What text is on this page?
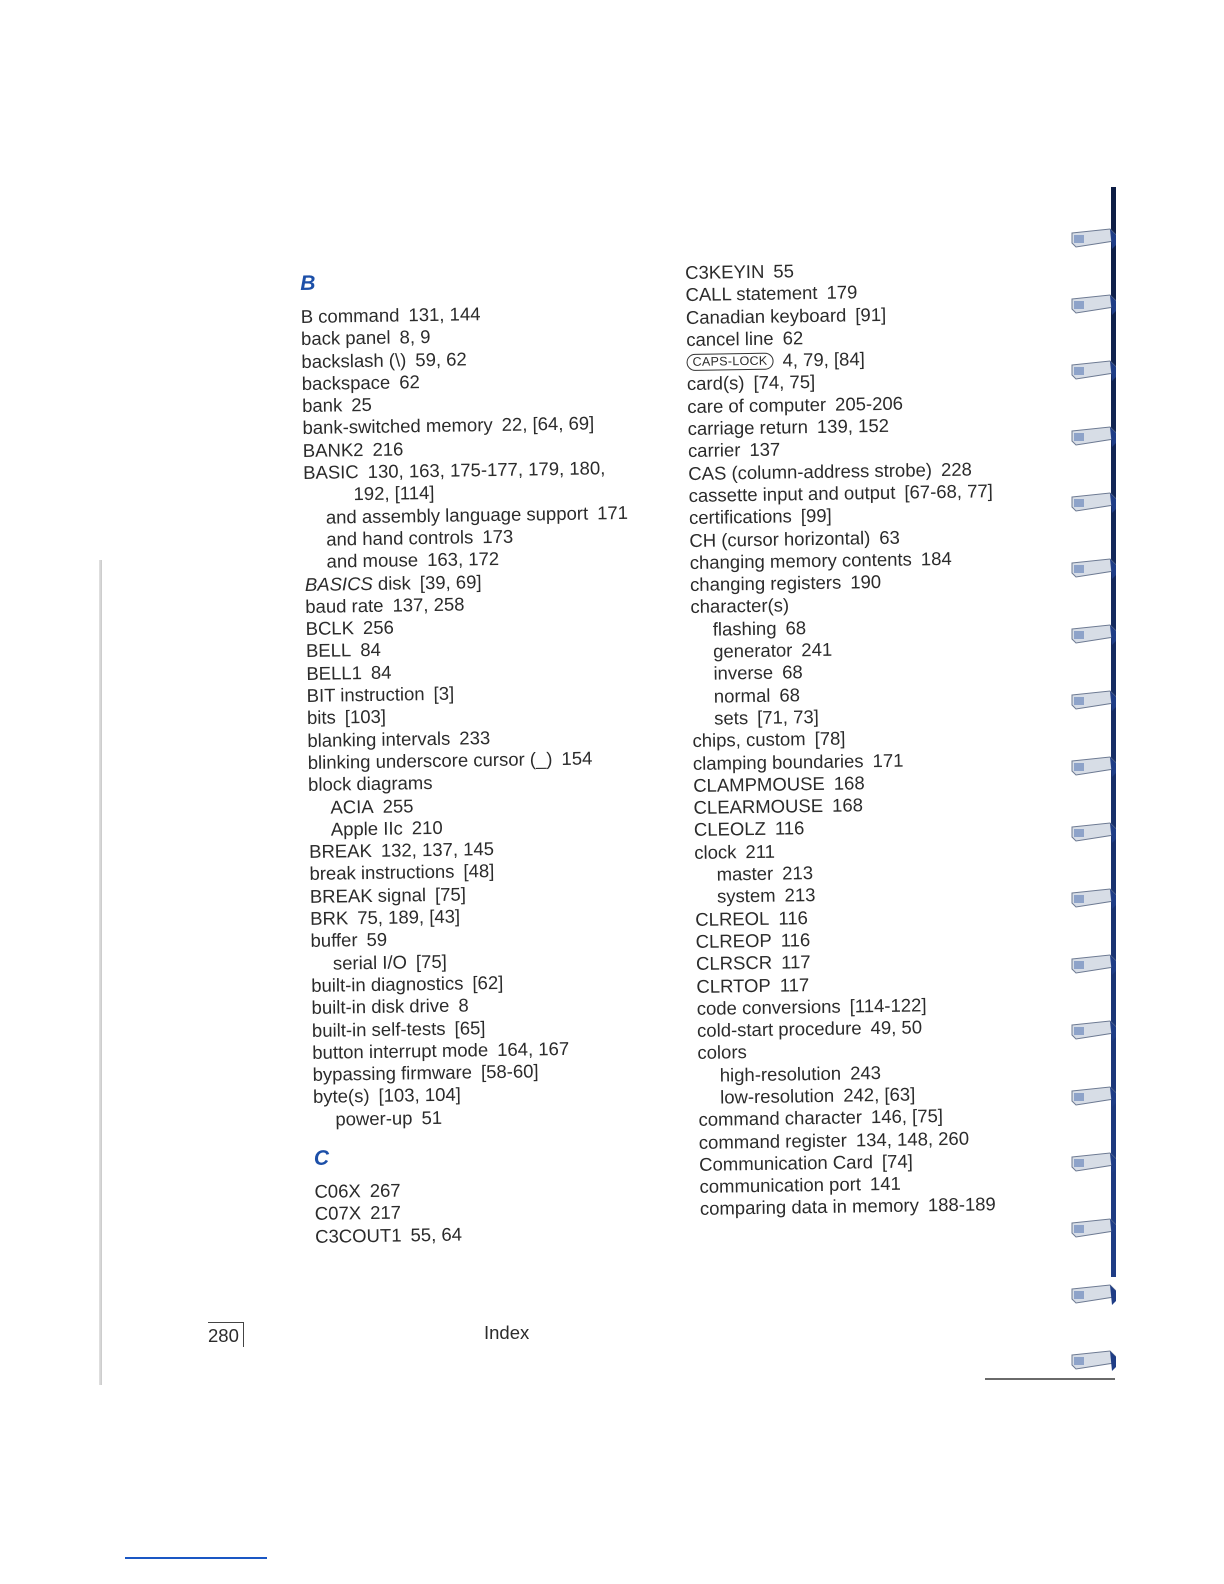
B
B command 131, 144
back panel 8, 9
backslash (\) 59, 62
backspace 62
bank 25
bank-switched memory 22, [64, 69]
BANK2 216
BASIC 130, 163, 175-177, 179, 180,
192, [114]
and assembly language support 171
and hand controls 173
and mouse 163, 172
BASICS disk [39, 69]
baud rate 137, 258
BCLK 256
BELL 84
BELL1 84
BIT instruction [3]
bits [103]
blanking intervals 233
blinking underscore cursor (_) 154
block diagrams
ACIA 255
Apple IIc 210
BREAK 132, 137, 145
break instructions [48]
BREAK signal [75]
BRK 75, 189, [43]
buffer 59
serial I/O [75]
built-in diagnostics [62]
built-in disk drive 8
built-in self-tests [65]
button interrupt mode 164, 167
bypassing firmware [58-60]
byte(s) [103, 104]
power-up 51
C
C06X 267
C07X 217
C3COUT1 55, 64
C3KEYIN 55
CALL statement 179
Canadian keyboard [91]
cancel line 62
CAPS-LOCK 4, 79, [84]
card(s) [74, 75]
care of computer 205-206
carriage return 139, 152
carrier 137
CAS (column-address strobe) 228
cassette input and output [67-68, 77]
certifications [99]
CH (cursor horizontal) 63
changing memory contents 184
changing registers 190
character(s)
flashing 68
generator 241
inverse 68
normal 68
sets [71, 73]
chips, custom [78]
clamping boundaries 171
CLAMPMOUSE 168
CLEARMOUSE 168
CLEOLZ 116
clock 211
master 213
system 213
CLREOL 116
CLREOP 116
CLRSCR 117
CLRTOP 117
code conversions [114-122]
cold-start procedure 49, 50
colors
high-resolution 243
low-resolution 242, [63]
command character 146, [75]
command register 134, 148, 260
Communication Card [74]
communication port 141
comparing data in memory 188-189
280	Index
